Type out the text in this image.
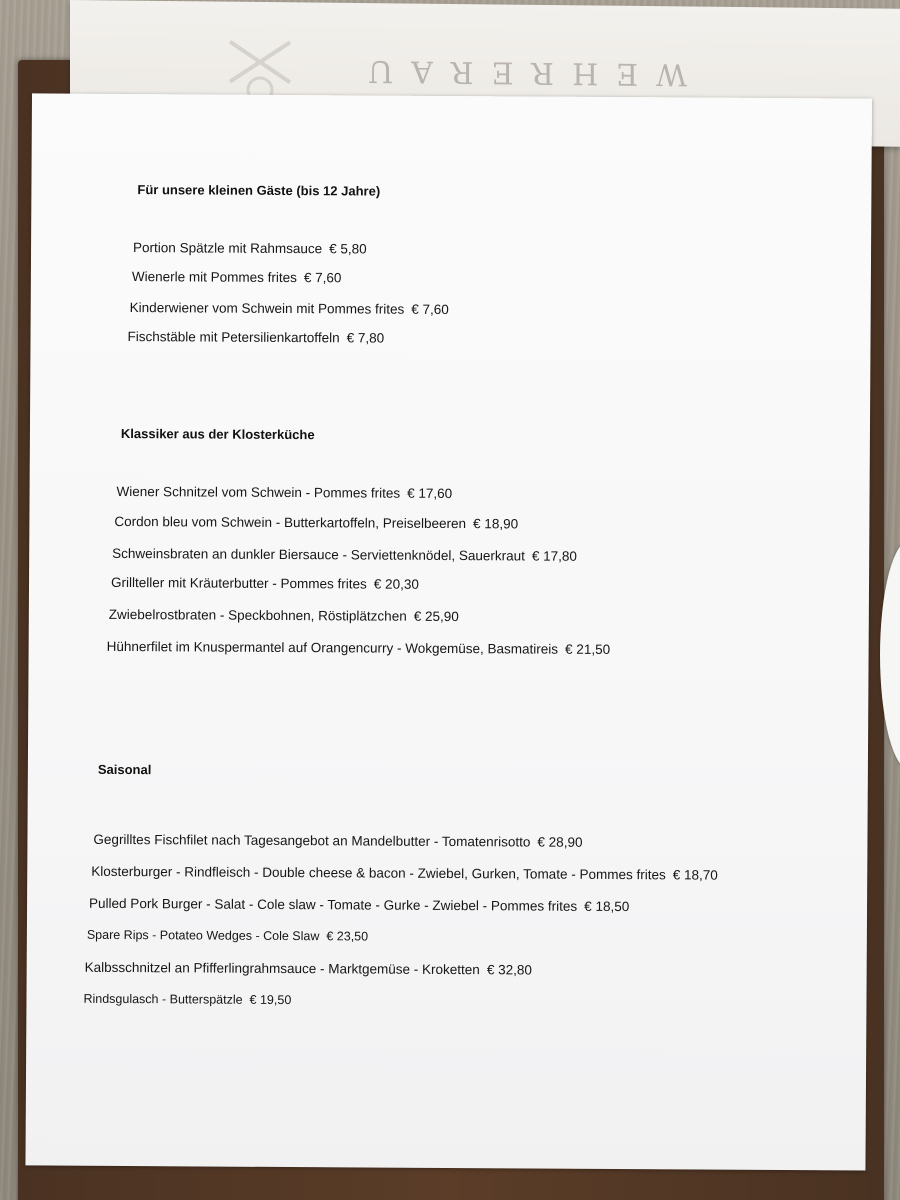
WEHRERAU
Für unsere kleinen Gäste (bis 12 Jahre)
Portion Spätzle mit Rahmsauce € 5,80
Wienerle mit Pommes frites € 7,60
Kinderwiener vom Schwein mit Pommes frites € 7,60
Fischstäble mit Petersilienkartoffeln € 7,80
Klassiker aus der Klosterküche
Wiener Schnitzel vom Schwein - Pommes frites € 17,60
Cordon bleu vom Schwein - Butterkartoffeln, Preiselbeeren € 18,90
Schweinsbraten an dunkler Biersauce - Serviettenknödel, Sauerkraut € 17,80
Grillteller mit Kräuterbutter - Pommes frites € 20,30
Zwiebelrostbraten - Speckbohnen, Röstiplätzchen € 25,90
Hühnerfilet im Knuspermantel auf Orangencurry - Wokgemüse, Basmatireis € 21,50
Saisonal
Gegrilltes Fischfilet nach Tagesangebot an Mandelbutter - Tomatenrisotto € 28,90
Klosterburger - Rindfleisch - Double cheese & bacon - Zwiebel, Gurken, Tomate - Pommes frites € 18,70
Pulled Pork Burger - Salat - Cole slaw - Tomate - Gurke - Zwiebel - Pommes frites € 18,50
Spare Rips - Potateo Wedges - Cole Slaw € 23,50
Kalbsschnitzel an Pfifferlingrahmsauce - Marktgemüse - Kroketten € 32,80
Rindsgulasch - Butterspätzle € 19,50
